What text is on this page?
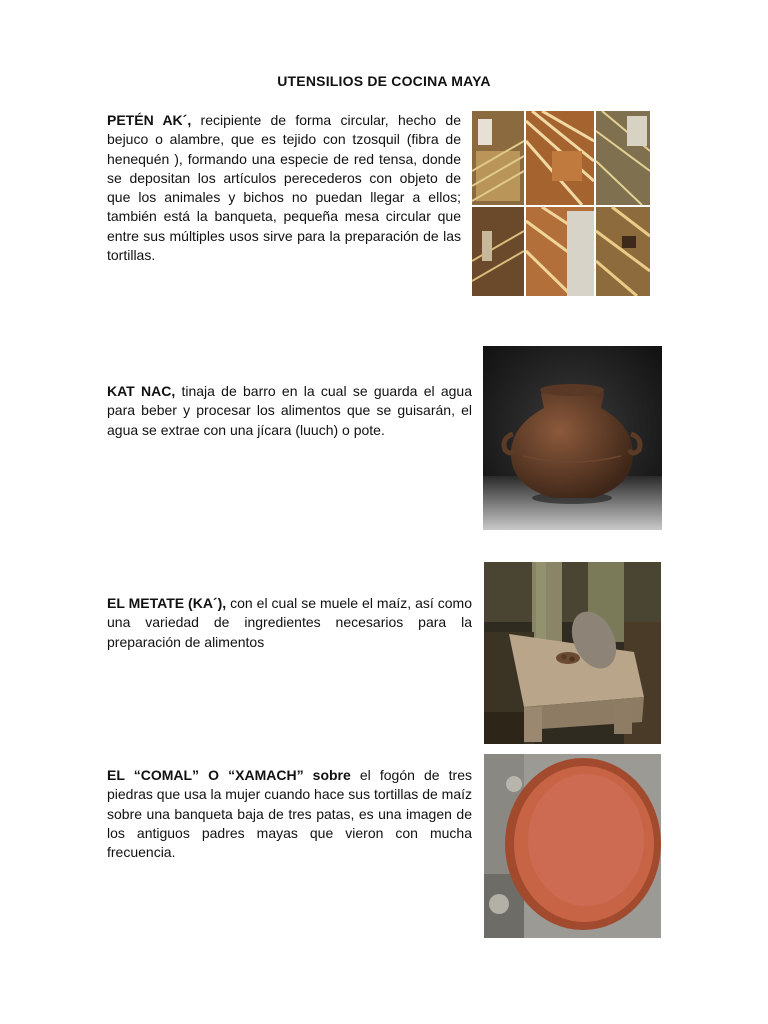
UTENSILIOS DE COCINA MAYA

PETÉN AK´, recipiente de forma circular, hecho de bejuco o alambre, que es tejido con tzosquil (fibra de henequén ), formando una especie de red tensa, donde se depositan los artículos perecederos con objeto de que los animales y bichos no puedan llegar a ellos; también está la banqueta, pequeña mesa circular que entre sus múltiples usos sirve para la preparación de las tortillas.

KAT NAC, tinaja de barro en la cual se guarda el agua para beber y procesar los alimentos que se guisarán, el agua se extrae con una jícara (luuch) o pote.

EL METATE (KA´), con el cual se muele el maíz, así como una variedad de ingredientes necesarios para la preparación de alimentos

EL “COMAL” O “XAMACH” sobre el fogón de tres piedras que usa la mujer cuando hace sus tortillas de maíz sobre una banqueta baja de tres patas, es una imagen de los antiguos padres mayas que vieron con mucha frecuencia.
